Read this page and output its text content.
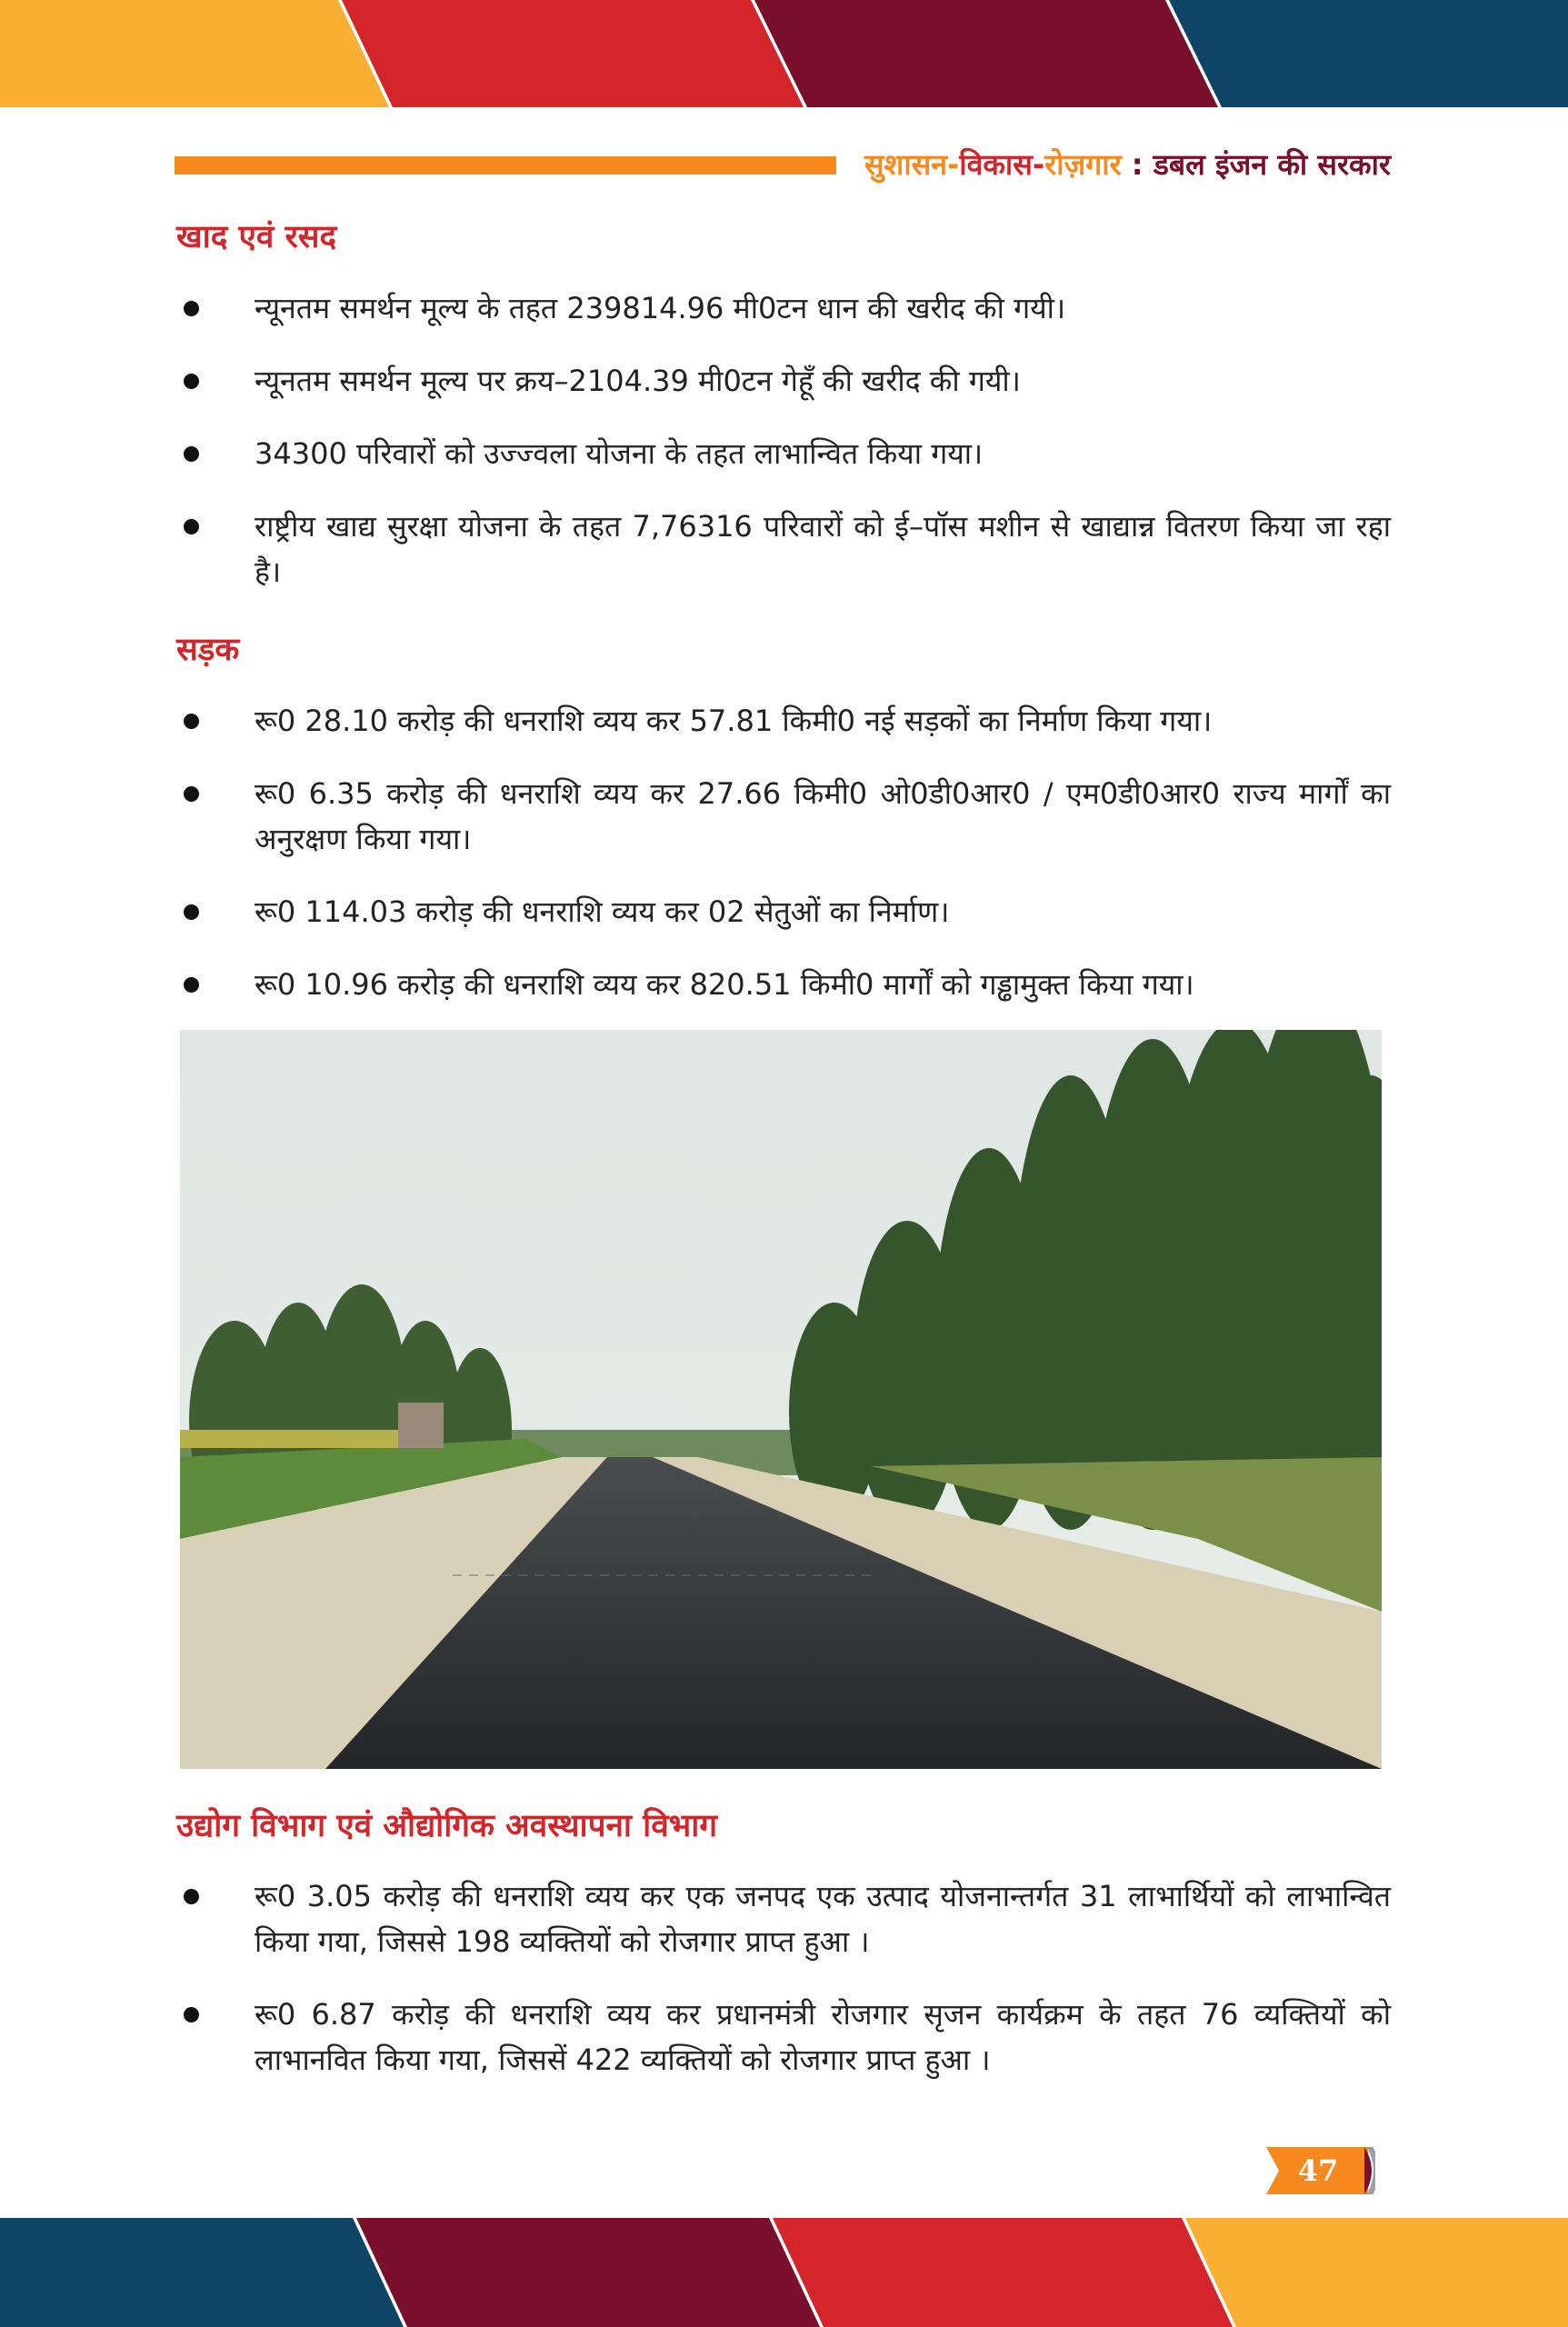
सुशासन-विकास-रोज़गार : डबल इंजन की सरकार
खाद एवं रसद
न्यूनतम समर्थन मूल्य के तहत 239814.96 मी0टन धान की खरीद की गयी।
न्यूनतम समर्थन मूल्य पर क्रय–2104.39 मी0टन गेहूँ की खरीद की गयी।
34300 परिवारों को उज्ज्वला योजना के तहत लाभान्वित किया गया।
राष्ट्रीय खाद्य सुरक्षा योजना के तहत 7,76316 परिवारों को ई–पॉस मशीन से खाद्यान्न वितरण किया जा रहा है।
सड़क
रू0 28.10 करोड़ की धनराशि व्यय कर 57.81 किमी0 नई सड़कों का निर्माण किया गया।
रू0 6.35 करोड़ की धनराशि व्यय कर 27.66 किमी0 ओ0डी0आर0 / एम0डी0आर0 राज्य मार्गों का अनुरक्षण किया गया।
रू0 114.03 करोड़ की धनराशि व्यय कर 02 सेतुओं का निर्माण।
रू0 10.96 करोड़ की धनराशि व्यय कर 820.51 किमी0 मार्गों को गड्ढामुक्त किया गया।
उद्योग विभाग एवं औद्योगिक अवस्थापना विभाग
रू0 3.05 करोड़ की धनराशि व्यय कर एक जनपद एक उत्पाद योजनान्तर्गत 31 लाभार्थियों को लाभान्वित किया गया, जिससे 198 व्यक्तियों को रोजगार प्राप्त हुआ ।
रू0 6.87 करोड़ की धनराशि व्यय कर प्रधानमंत्री रोजगार सृजन कार्यक्रम के तहत 76 व्यक्तियों को लाभानवित किया गया, जिससें 422 व्यक्तियों को रोजगार प्राप्त हुआ ।
47
